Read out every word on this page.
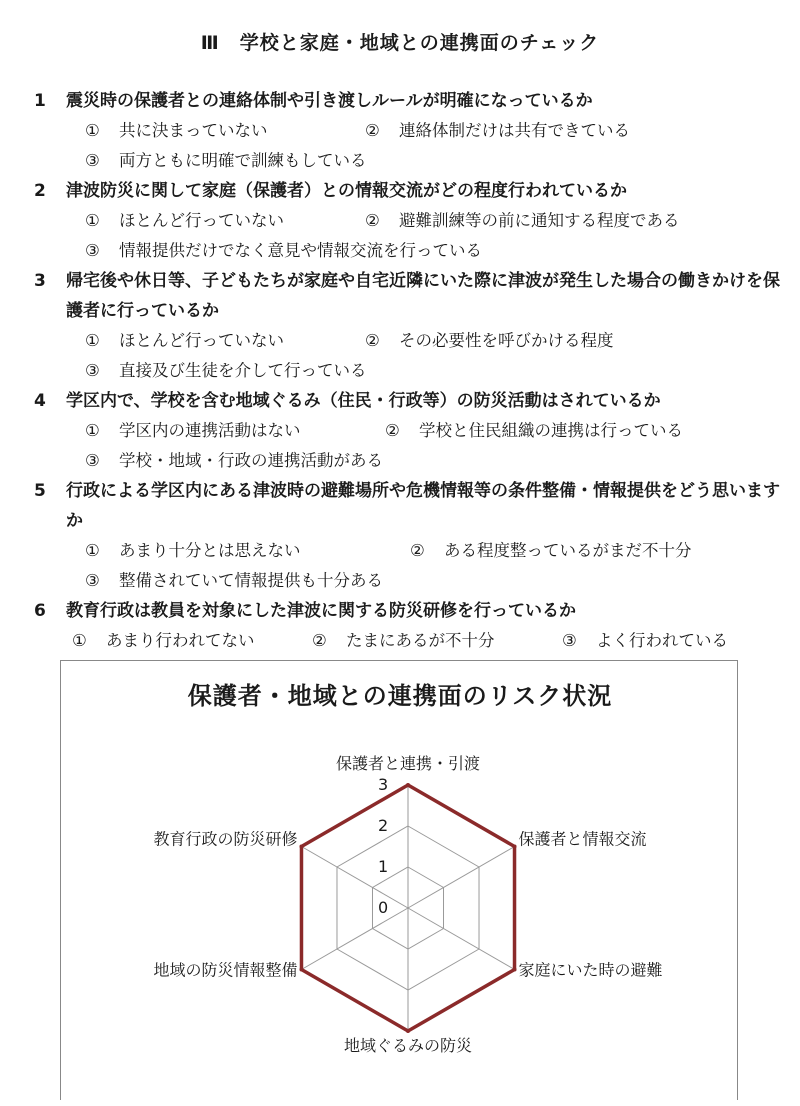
Ⅲ　学校と家庭・地域との連携面のチェック
1	震災時の保護者との連絡体制や引き渡しルールが明確になっているか
① 共に決まっていない	② 連絡体制だけは共有できている
③ 両方ともに明確で訓練もしている
2	津波防災に関して家庭（保護者）との情報交流がどの程度行われているか
① ほとんど行っていない	② 避難訓練等の前に通知する程度である
③ 情報提供だけでなく意見や情報交流を行っている
3	帰宅後や休日等、子どもたちが家庭や自宅近隣にいた際に津波が発生した場合の働きかけを保護者に行っているか
① ほとんど行っていない	② その必要性を呼びかける程度
③ 直接及び生徒を介して行っている
4	学区内で、学校を含む地域ぐるみ（住民・行政等）の防災活動はされているか
① 学区内の連携活動はない	② 学校と住民組織の連携は行っている
③ 学校・地域・行政の連携活動がある
5	行政による学区内にある津波時の避難場所や危機情報等の条件整備・情報提供をどう思いますか
① あまり十分とは思えない	② ある程度整っているがまだ不十分
③ 整備されていて情報提供も十分ある
6	教育行政は教員を対象にした津波に関する防災研修を行っているか
① あまり行われてない	② たまにあるが不十分	③ よく行われている
保護者・地域との連携面のリスク状況
0
1
2
3
保護者と連携・引渡
保護者と情報交流
家庭にいた時の避難
地域ぐるみの防災
地域の防災情報整備
教育行政の防災研修
